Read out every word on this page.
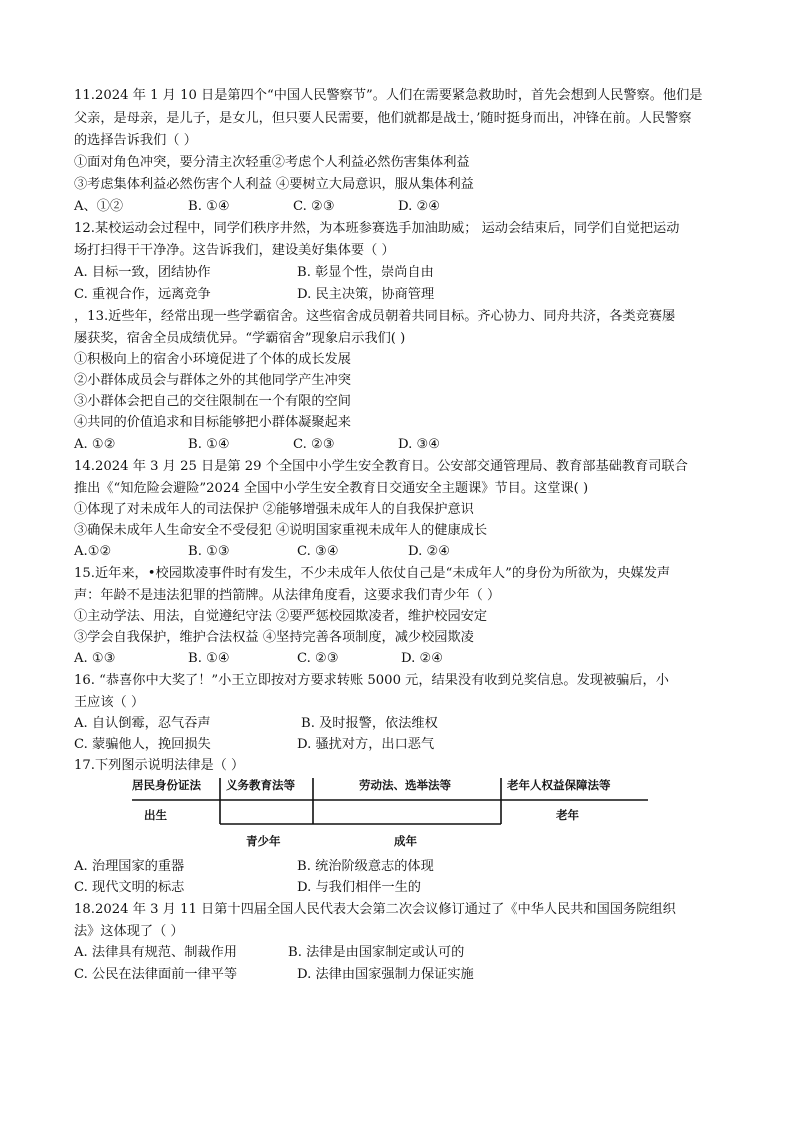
11.2024 年 1 月 10 日是第四个“中国人民警察节”。人们在需要紧急救助时，首先会想到人民警察。他们是
父亲，是母亲，是儿子，是女儿，但只要人民需要，他们就都是战士，’随时挺身而出，冲锋在前。人民警察
的选择告诉我们（ ）
①面对角色冲突，要分清主次轻重②考虑个人利益必然伤害集体利益
③考虑集体利益必然伤害个人利益 ④要树立大局意识，服从集体利益
A、①②	B. ①④	C. ②③	D. ②④
12.某校运动会过程中，同学们秩序井然，为本班参赛选手加油助威； 运动会结束后，同学们自觉把运动
场打扫得干干净净。这告诉我们，建设美好集体要（ ）
A. 目标一致，团结协作	B. 彰显个性，崇尚自由
C. 重视合作，远离竞争	D. 民主决策，协商管理
，13.近些年，经常出现一些学霸宿舍。这些宿舍成员朝着共同目标。齐心协力、同舟共济，各类竞赛屡
屡获奖，宿舍全员成绩优异。“学霸宿舍”现象启示我们( )
①积极向上的宿舍小环境促进了个体的成长发展
②小群体成员会与群体之外的其他同学产生冲突
③小群体会把自己的交往限制在一个有限的空间
④共同的价值追求和目标能够把小群体凝聚起来
A. ①②	B. ①④	C. ②③	D. ③④
14.2024 年 3 月 25 日是第 29 个全国中小学生安全教育日。公安部交通管理局、教育部基础教育司联合
推出《“知危险会避险”2024 全国中小学生安全教育日交通安全主题课》节目。这堂课( )
①体现了对未成年人的司法保护 ②能够增强未成年人的自我保护意识
③确保未成年人生命安全不受侵犯 ④说明国家重视未成年人的健康成长
A.①②	B. ①③	C. ③④	D. ②④
15.近年来，•校园欺凌事件时有发生，不少未成年人依仗自己是“未成年人”的身份为所欲为，央媒发声
声：年龄不是违法犯罪的挡箭牌。从法律角度看，这要求我们青少年（ ）
①主动学法、用法，自觉遵纪守法 ②要严惩校园欺凌者，维护校园安定
③学会自我保护，维护合法权益 ④坚持完善各项制度，减少校园欺凌
A. ①③	B. ①④	C. ②③	D. ②④
16. “恭喜你中大奖了！”小王立即按对方要求转账 5000 元，结果没有收到兑奖信息。发现被骗后，小
王应该（ ）
A. 自认倒霉，忍气吞声	B. 及时报警，依法维权
C. 蒙骗他人，挽回损失	D. 骚扰对方，出口恶气
17.下列图示说明法律是（ ）
居民身份证法 义务教育法等	劳动法、选举法等	老年人权益保障法等
出生
青少年	成年
老年
A. 治理国家的重器	B. 统治阶级意志的体现
C. 现代文明的标志	D. 与我们相伴一生的
18.2024 年 3 月 11 日第十四届全国人民代表大会第二次会议修订通过了《中华人民共和国国务院组织
法》这体现了（ ）
A. 法律具有规范、制裁作用	B. 法律是由国家制定或认可的
C. 公民在法律面前一律平等	D. 法律由国家强制力保证实施
